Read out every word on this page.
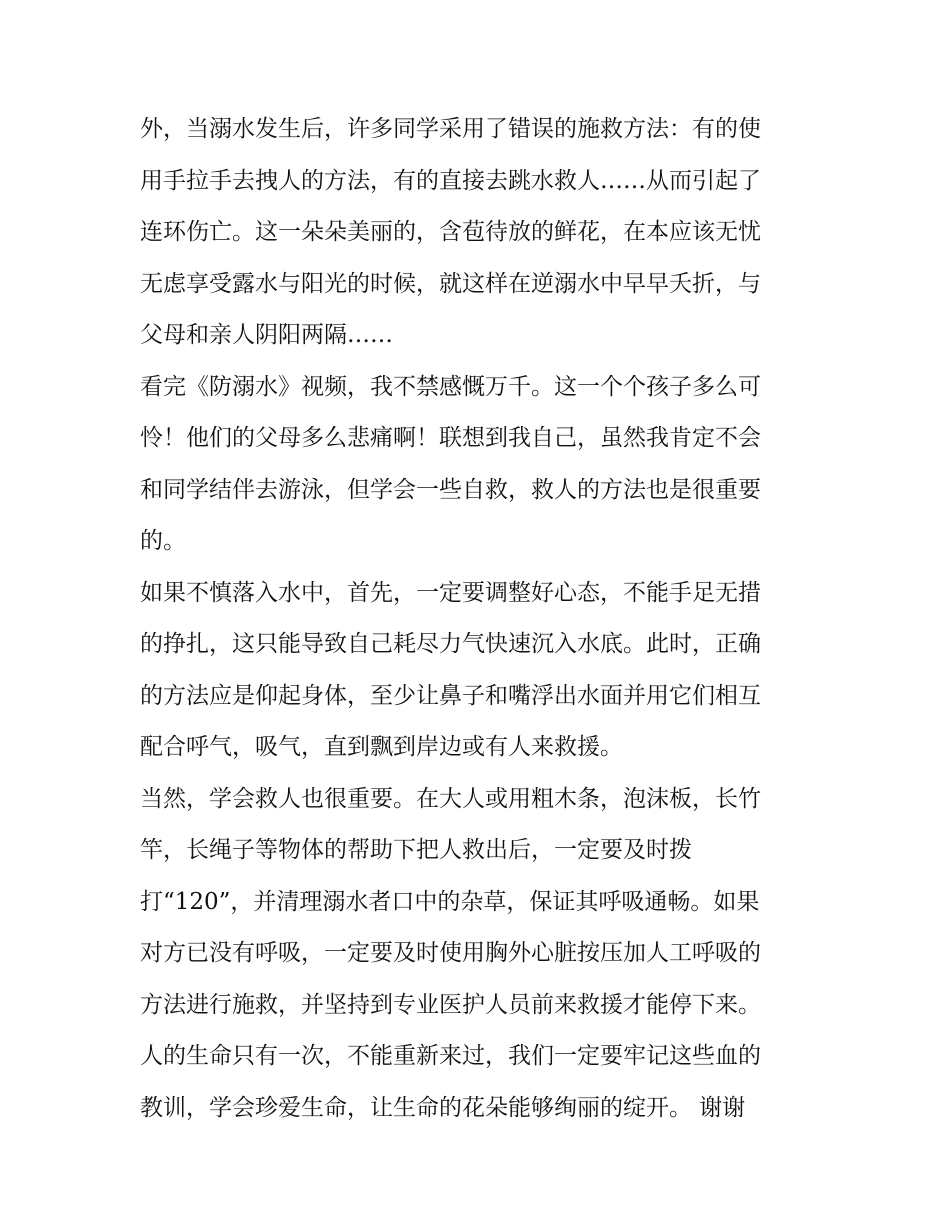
外，当溺水发生后，许多同学采用了错误的施救方法：有的使
用手拉手去拽人的方法，有的直接去跳水救人……从而引起了
连环伤亡。这一朵朵美丽的，含苞待放的鲜花，在本应该无忧
无虑享受露水与阳光的时候，就这样在逆溺水中早早夭折，与
父母和亲人阴阳两隔……
看完《防溺水》视频，我不禁感慨万千。这一个个孩子多么可
怜！他们的父母多么悲痛啊！联想到我自己，虽然我肯定不会
和同学结伴去游泳，但学会一些自救，救人的方法也是很重要
的。
如果不慎落入水中，首先，一定要调整好心态，不能手足无措
的挣扎，这只能导致自己耗尽力气快速沉入水底。此时，正确
的方法应是仰起身体，至少让鼻子和嘴浮出水面并用它们相互
配合呼气，吸气，直到飘到岸边或有人来救援。
当然，学会救人也很重要。在大人或用粗木条，泡沫板，长竹
竿，长绳子等物体的帮助下把人救出后，一定要及时拨
打“120”，并清理溺水者口中的杂草，保证其呼吸通畅。如果
对方已没有呼吸，一定要及时使用胸外心脏按压加人工呼吸的
方法进行施救，并坚持到专业医护人员前来救援才能停下来。
人的生命只有一次，不能重新来过，我们一定要牢记这些血的
教训，学会珍爱生命，让生命的花朵能够绚丽的绽开。 谢谢
